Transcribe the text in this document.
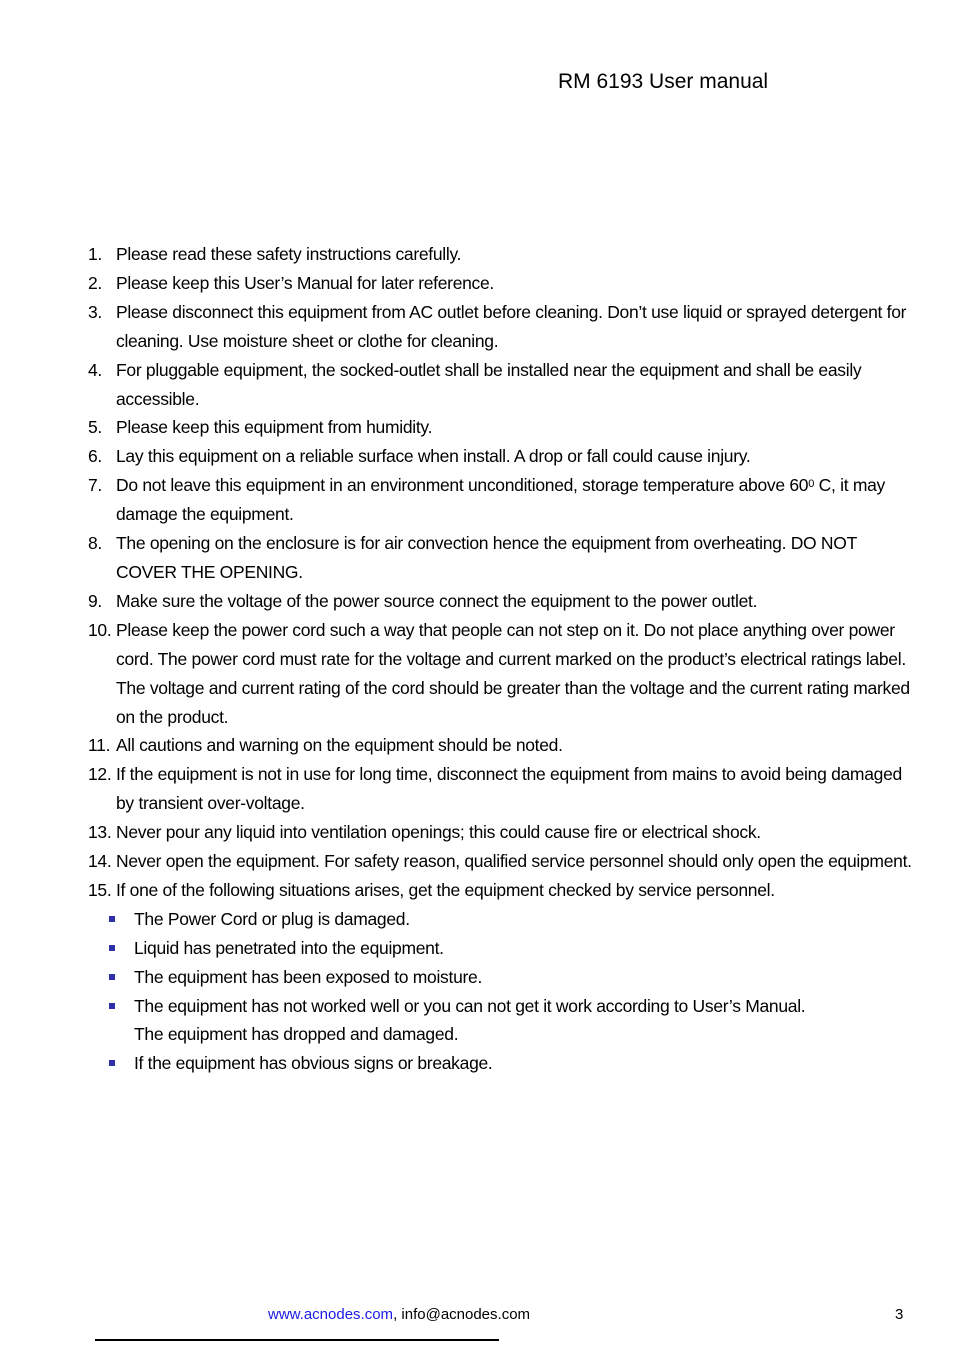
RM 6193 User manual
1. Please read these safety instructions carefully.
2. Please keep this User’s Manual for later reference.
3. Please disconnect this equipment from AC outlet before cleaning. Don’t use liquid or sprayed detergent for cleaning. Use moisture sheet or clothe for cleaning.
4. For pluggable equipment, the socked-outlet shall be installed near the equipment and shall be easily accessible.
5. Please keep this equipment from humidity.
6. Lay this equipment on a reliable surface when install. A drop or fall could cause injury.
7. Do not leave this equipment in an environment unconditioned, storage temperature above $60^0$ C, it may damage the equipment.
8. The opening on the enclosure is for air convection hence the equipment from overheating. DO NOT COVER THE OPENING.
9. Make sure the voltage of the power source connect the equipment to the power outlet.
10. Please keep the power cord such a way that people can not step on it. Do not place anything over power cord. The power cord must rate for the voltage and current marked on the product’s electrical ratings label. The voltage and current rating of the cord should be greater than the voltage and the current rating marked on the product.
11. All cautions and warning on the equipment should be noted.
12. If the equipment is not in use for long time, disconnect the equipment from mains to avoid being damaged by transient over-voltage.
13. Never pour any liquid into ventilation openings; this could cause fire or electrical shock.
14. Never open the equipment. For safety reason, qualified service personnel should only open the equipment.
15. If one of the following situations arises, get the equipment checked by service personnel.
The Power Cord or plug is damaged.
Liquid has penetrated into the equipment.
The equipment has been exposed to moisture.
The equipment has not worked well or you can not get it work according to User’s Manual.
The equipment has dropped and damaged.
If the equipment has obvious signs or breakage.
www.acnodes.com, info@acnodes.com	3
